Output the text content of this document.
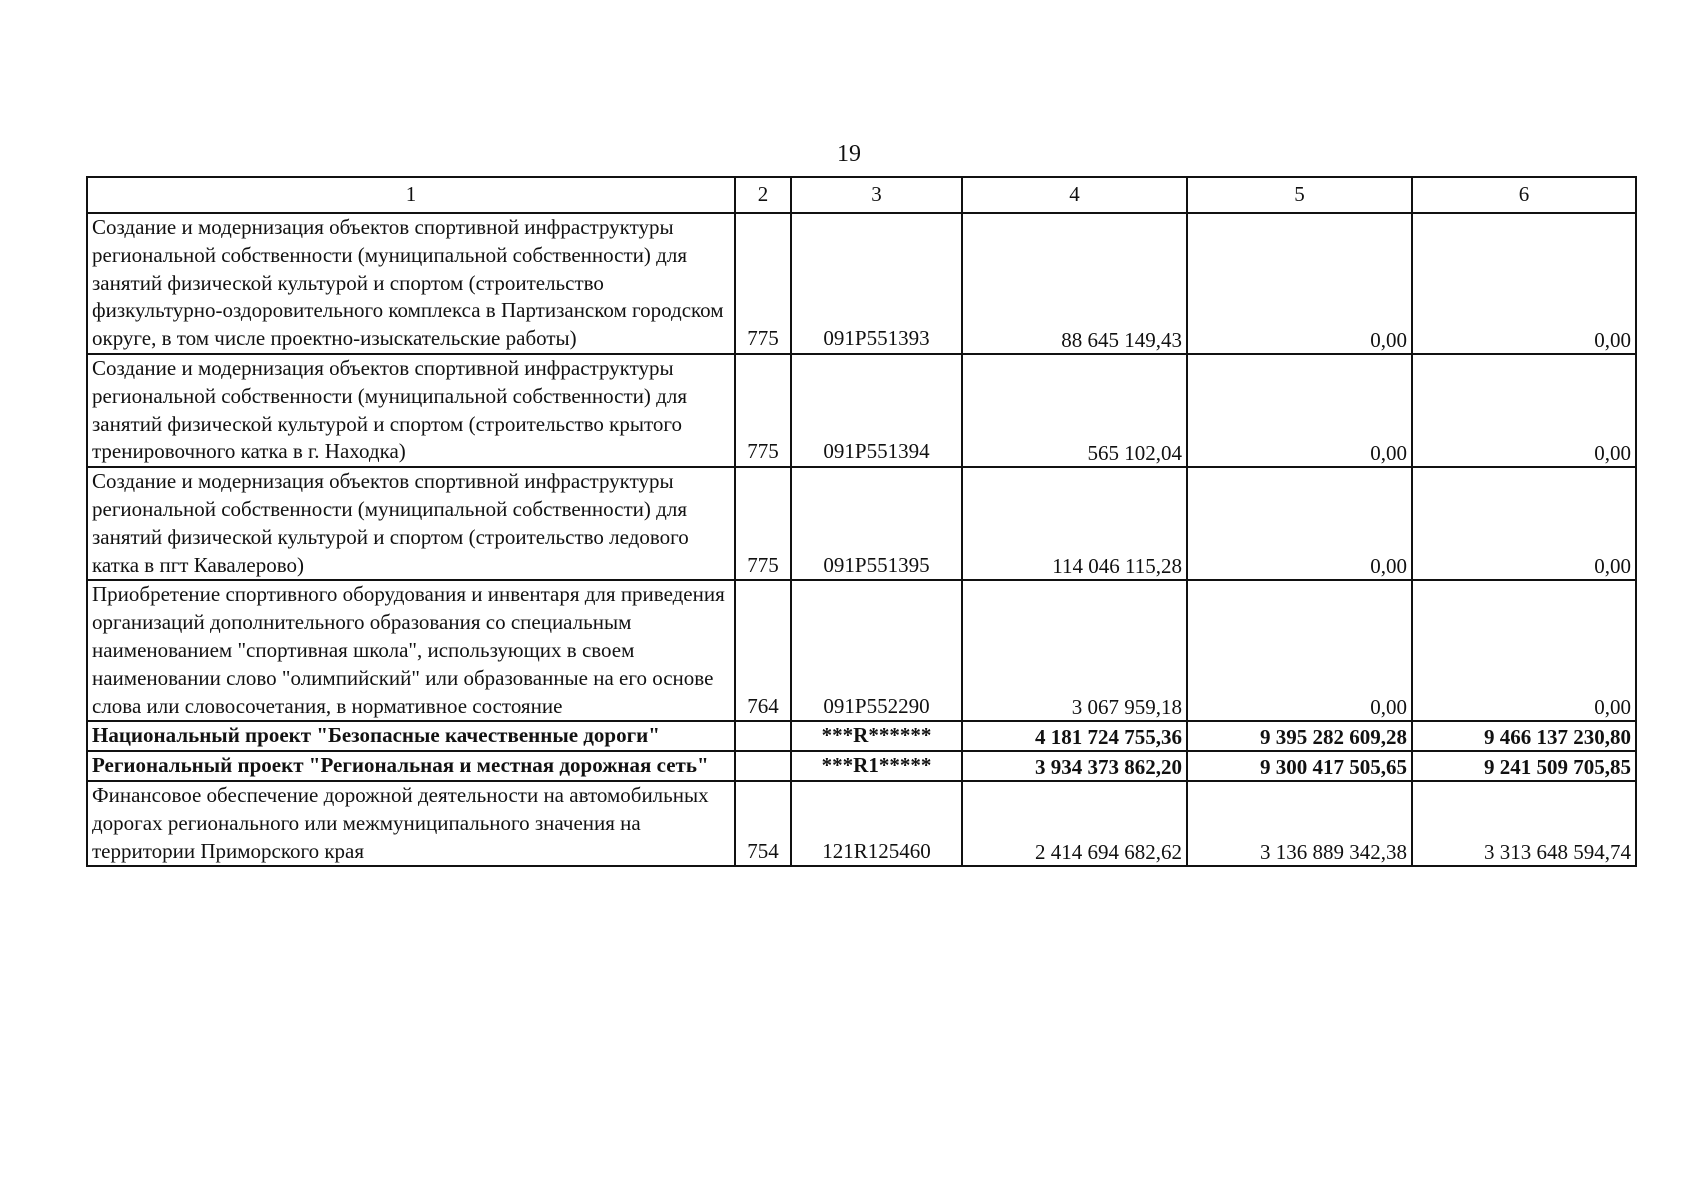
19
1	2	3	4	5	6
Создание и модернизация объектов спортивной инфраструктуры региональной собственности (муниципальной собственности) для занятий физической культурой и спортом (строительство физкультурно-оздоровительного комплекса в Партизанском городском округе, в том числе проектно-изыскательские работы)	775	091P551393	88 645 149,43	0,00	0,00
Создание и модернизация объектов спортивной инфраструктуры региональной собственности (муниципальной собственности) для занятий физической культурой и спортом (строительство крытого тренировочного катка в г. Находка)	775	091P551394	565 102,04	0,00	0,00
Создание и модернизация объектов спортивной инфраструктуры региональной собственности (муниципальной собственности) для занятий физической культурой и спортом (строительство ледового катка в пгт Кавалерово)	775	091P551395	114 046 115,28	0,00	0,00
Приобретение спортивного оборудования и инвентаря для приведения организаций дополнительного образования со специальным наименованием "спортивная школа", использующих в своем наименовании слово "олимпийский" или образованные на его основе слова или словосочетания, в нормативное состояние	764	091P552290	3 067 959,18	0,00	0,00
Национальный проект "Безопасные качественные дороги"		***R******	4 181 724 755,36	9 395 282 609,28	9 466 137 230,80
Региональный проект "Региональная и местная дорожная сеть"		***R1*****	3 934 373 862,20	9 300 417 505,65	9 241 509 705,85
Финансовое обеспечение дорожной деятельности на автомобильных дорогах регионального или межмуниципального значения на территории Приморского края	754	121R125460	2 414 694 682,62	3 136 889 342,38	3 313 648 594,74
